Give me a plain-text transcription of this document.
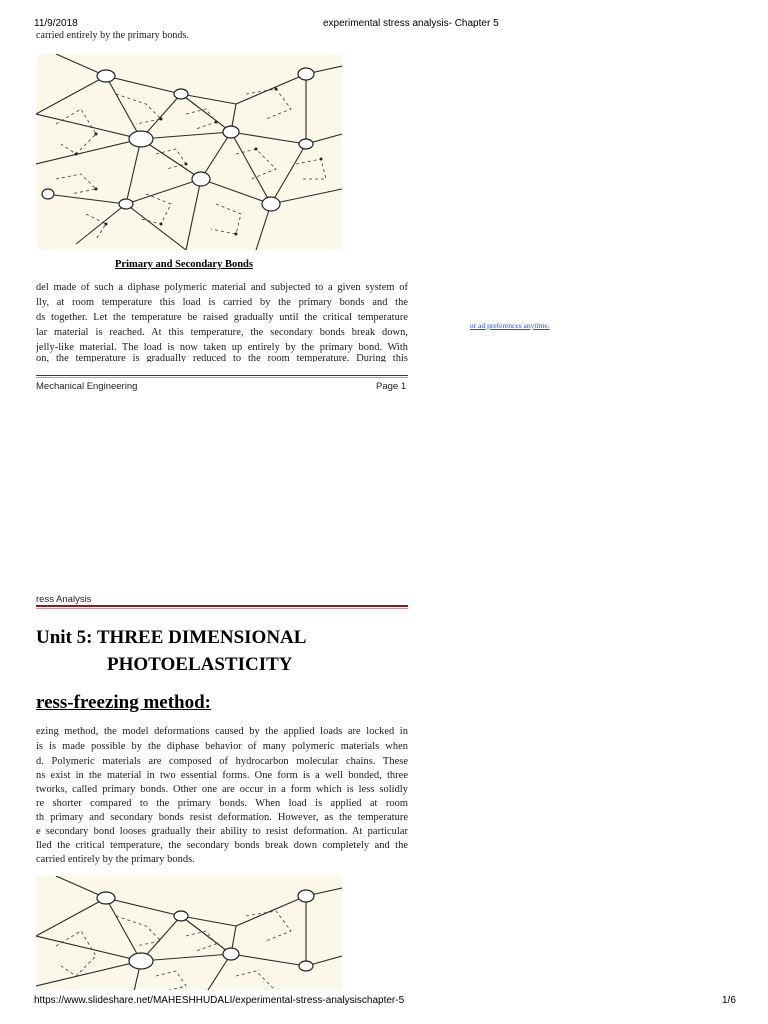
11/9/2018	experimental stress analysis- Chapter 5
carried entirely by the primary bonds.
Primary and Secondary Bonds
del made of such a diphase polymeric material and subjected to a given system of
lly, at room temperature this load is carried by the primary bonds and the
ds together. Let the temperature be raised gradually until the critical temperature
lar material is reached. At this temperature, the secondary bonds break down,
jelly-like material. The load is now taken up entirely by the primary bond. With
on, the temperature is gradually reduced to the room temperature. During this
Mechanical Engineering	Page 1
ur ad preferences anytime.
ress Analysis
Unit 5: THREE DIMENSIONAL
PHOTOELASTICITY
ress-freezing method:
ezing method, the model deformations caused by the applied loads are locked in
is is made possible by the diphase behavior of many polymeric materials when
d. Polymeric materials are composed of hydrocarbon molecular chains. These
ns exist in the material in two essential forms. One form is a well bonded, three
tworks, called primary bonds. Other one are occur in a form which is less solidly
re shorter compared to the primary bonds. When load is applied at room
th primary and secondary bonds resist deformation. However, as the temperature
e secondary bond looses gradually their ability to resist deformation. At particular
lled the critical temperature, the secondary bonds break down completely and the
carried entirely by the primary bonds.
https://www.slideshare.net/MAHESHHUDALI/experimental-stress-analysischapter-5	1/6
